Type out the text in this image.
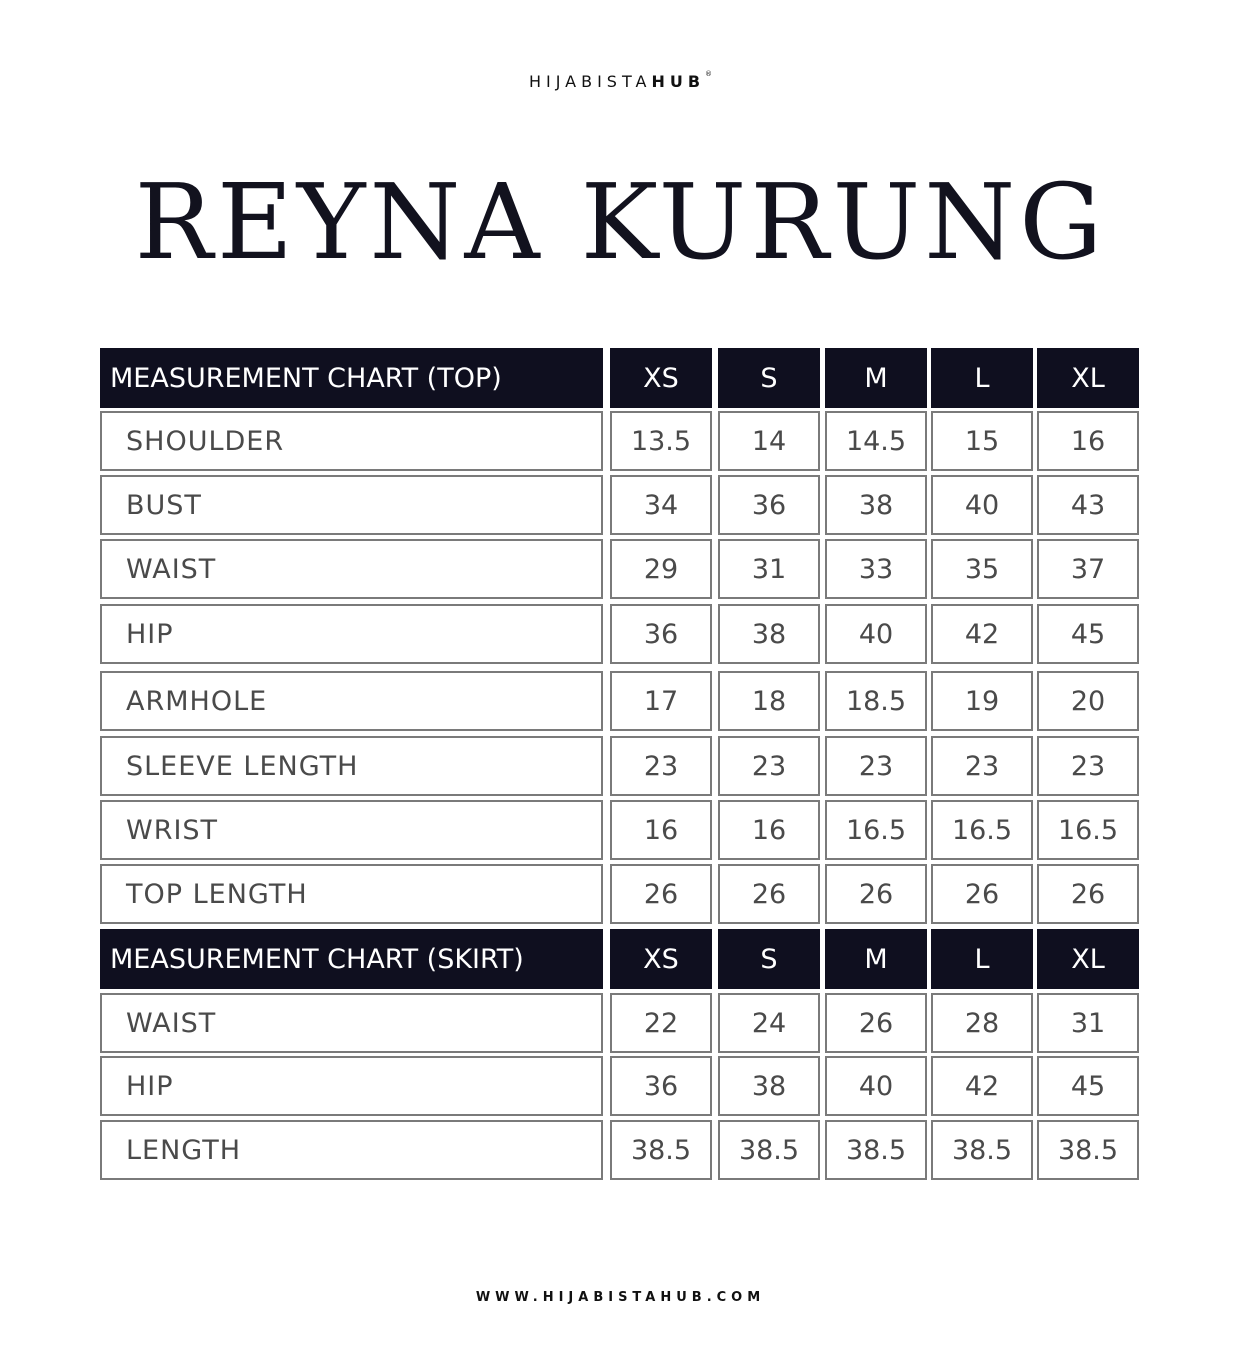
HIJABISTAHUB®
REYNA KURUNG
MEASUREMENT CHART (TOP)	XS	S	M	L	XL
SHOULDER	13.5	14	14.5	15	16
BUST	34	36	38	40	43
WAIST	29	31	33	35	37
HIP	36	38	40	42	45
ARMHOLE	17	18	18.5	19	20
SLEEVE LENGTH	23	23	23	23	23
WRIST	16	16	16.5	16.5	16.5
TOP LENGTH	26	26	26	26	26
MEASUREMENT CHART (SKIRT)	XS	S	M	L	XL
WAIST	22	24	26	28	31
HIP	36	38	40	42	45
LENGTH	38.5	38.5	38.5	38.5	38.5
WWW.HIJABISTAHUB.COM
